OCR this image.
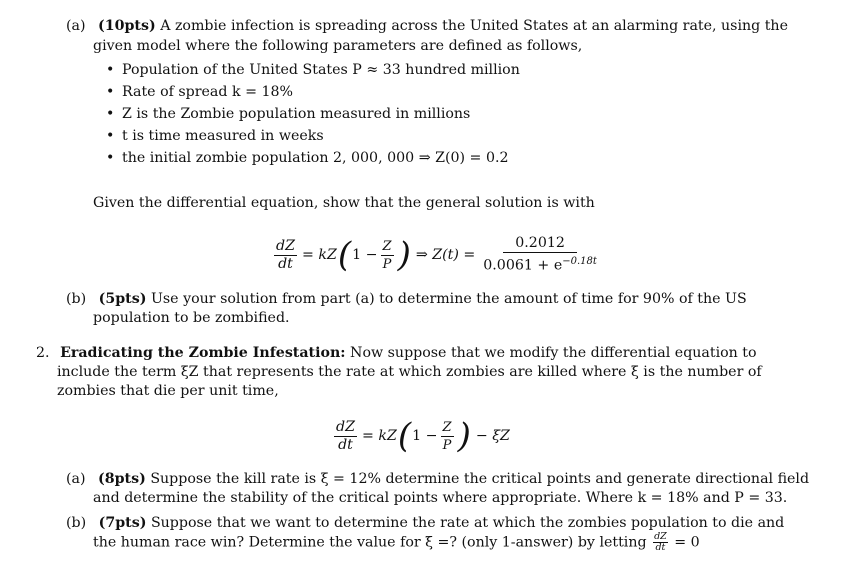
(a) (10pts) A zombie infection is spreading across the United States at an alarming rate, using the
given model where the following parameters are defined as follows,
• Population of the United States P ≈ 33 hundred million
• Rate of spread k = 18%
• Z is the Zombie population measured in millions
• t is time measured in weeks
• the initial zombie population 2, 000, 000 ⇒ Z(0) = 0.2
Given the differential equation, show that the general solution is with
$\frac{dZ}{dt}$ = kZ ( $1 - \frac{Z}{P}$ ) ⇒ $Z(t) = \frac{0.2012}{0.0061 + e^{-0.18t}}$
(b) (5pts) Use your solution from part (a) to determine the amount of time for 90% of the US
population to be zombified.
2. Eradicating the Zombie Infestation: Now suppose that we modify the differential equation to
include the term ξZ that represents the rate at which zombies are killed where ξ is the number of
zombies that die per unit time,
$\frac{dZ}{dt}$ = kZ ( $1 - \frac{Z}{P}$ ) − ξZ
(a) (8pts) Suppose the kill rate is ξ = 12% determine the critical points and generate directional field
and determine the stability of the critical points where appropriate. Where k = 18% and P = 33.
(b) (7pts) Suppose that we want to determine the rate at which the zombies population to die and
the human race win? Determine the value for ξ =? (only 1-answer) by letting $\frac{dZ}{dt} = 0$
